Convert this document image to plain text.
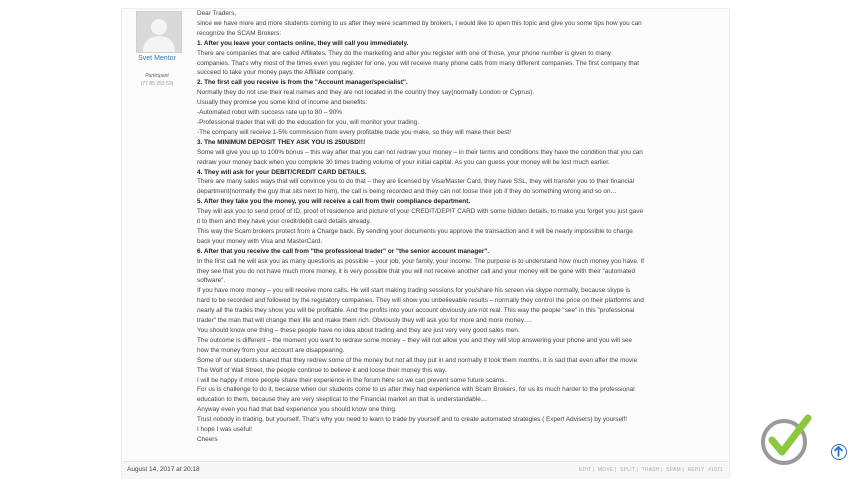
Svet Mentor
Participant
(77 85 253 59)

Dear Traders,

since we have more and more students coming to us after they were scammed by brokers, I would like to open this topic and give you some tips how you can

recognize the SCAM Brokers:

1. After you leave your contacts online, they will call you immediately.

There are companies that are called Affiliates. They do the marketing and after you register with one of those, your phone number is given to many

companies. That's why most of the times even you register for one, you will receive many phone calls from many different companies. The first company that

succeed to take your money pays the Affiliate company.

2. The first call you receive is from the "Account manager/specialist".

Normally they do not use their real names and they are not located in the country they say(normally London or Cyprus).

Usually they promise you some kind of income and benefits:

-Automated robot with success rate up to 80 – 90%

-Professional trader that will do the education for you, will monitor your trading.

-The company will receive 1-5% commission from every profitable trade you make, so they will make their best!

3. The MINIMUM DEPOSIT THEY ASK YOU IS 250USD!!!

Some will give you up to 100% bonus – this way after that you can not redraw your money – in their terms and conditions they have the condition that you can

redraw your money back when you complete 30 times trading volume of your initial capital. As you can guess your money will be lost much earlier.

4. They will ask for your DEBIT/CREDIT CARD DETAILS.

There are many sales ways that will convince you to do that – they are licensed by Visa/Master Card, they have SSL, they will transfer you to their financial

department(normally the guy that sits next to him), the call is being recorded and they can not loose their job if they do something wrong and so on…

5. After they take you the money, you will receive a call from their compliance department.

They will ask you to send proof of ID, proof of residence and picture of your CREDIT/DEPIT CARD with some hidden details, to make you forget you just gave

it to them and they have your credit/debit card details already.

This way the Scam brokers protect from a Charge back. By sending your documents you approve the transaction and it will be nearly impossible to charge

back your money with Visa and MasterCard.

6. After that you receive the call from "the professional trader" or "the senior account manager".

In the first call he will ask you as many questions as possible – your job, your family, your income. The purpose is to understand how much money you have. If

they see that you do not have much more money, it is very possible that you will not receive another call and your money will be gone with their "automated

software".

If you have more money – you will receive more calls. He will start making trading sessions for you/share his screen via skype normally, because skype is

hard to be recorded and followed by the regulatory companies. They will show you unbelievable results – normally they control the price on their platforms and

nearly all the trades they show you will be profitable. And the profits into your account obviously are not real. This way the people "see" in this "professional

trader" the man that will change their life and make them rich. Obviously they will ask you for more and more money….

You should know one thing – these people have no idea about trading and they are just very very good sales men.

The outcome is different – the moment you want to redraw some money – they will not allow you and they will stop answering your phone and you will see

how the money from your account are disappearing.

Some of our students shared that they redrew some of the money but not all they put in and normally it took them months. It is sad that even after the movie

The Wolf of Wall Street, the people continue to believe it and loose their money this way.

I will be happy if more people share their experience in the forum here so we can prevent some future scams..

For us is challenge to do it, because when our students come to us after they had experience with Scam Brokers, for us its much harder to the professional

education to them, because they are very skeptical to the Financial market an that is understandable…

Anyway even you had that bad experience you should know one thing.

Trust nobody in trading, but yourself. That's why you need to learn to trade by yourself and to create automated strategies ( Expert Advisers) by yourself!

I hope I was useful!

Cheers

August 14, 2017 at 20:18	EDIT | MOVE | SPLIT | TRASH | SPAM | REPLY #1971
